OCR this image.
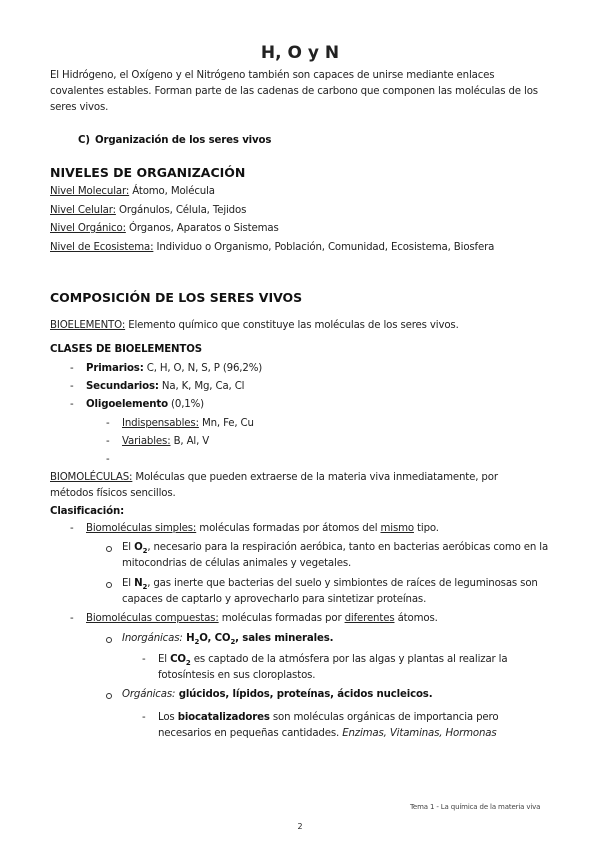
H, O y N
El Hidrógeno, el Oxígeno y el Nitrógeno también son capaces de unirse mediante enlaces
covalentes estables. Forman parte de las cadenas de carbono que componen las moléculas de los
seres vivos.
C) Organización de los seres vivos
NIVELES DE ORGANIZACIÓN
Nivel Molecular: Átomo, Molécula
Nivel Celular: Orgánulos, Célula, Tejidos
Nivel Orgánico: Órganos, Aparatos o Sistemas
Nivel de Ecosistema: Individuo o Organismo, Población, Comunidad, Ecosistema, Biosfera
COMPOSICIÓN DE LOS SERES VIVOS
BIOELEMENTO: Elemento químico que constituye las moléculas de los seres vivos.
CLASES DE BIOELEMENTOS
- Primarios: C, H, O, N, S, P (96,2%)
- Secundarios: Na, K, Mg, Ca, Cl
- Oligoelemento (0,1%)
- Indispensables: Mn, Fe, Cu
- Variables: B, Al, V
-
BIOMOLÉCULAS: Moléculas que pueden extraerse de la materia viva inmediatamente, por
métodos físicos sencillos.
Clasificación:
- Biomoléculas simples: moléculas formadas por átomos del mismo tipo.
El $O_2$, necesario para la respiración aeróbica, tanto en bacterias aeróbicas como en la
mitocondrias de células animales y vegetales.
El $N_2$, gas inerte que bacterias del suelo y simbiontes de raíces de leguminosas son
capaces de captarlo y aprovecharlo para sintetizar proteínas.
- Biomoléculas compuestas: moléculas formadas por diferentes átomos.
Inorgánicas: $H_2O$, $CO_2$, sales minerales.
- El $CO_2$ es captado de la atmósfera por las algas y plantas al realizar la
fotosíntesis en sus cloroplastos.
Orgánicas: glúcidos, lípidos, proteínas, ácidos nucleicos.
- Los biocatalizadores son moléculas orgánicas de importancia pero
necesarios en pequeñas cantidades. Enzimas, Vitaminas, Hormonas
Tema 1 - La química de la materia viva
2
